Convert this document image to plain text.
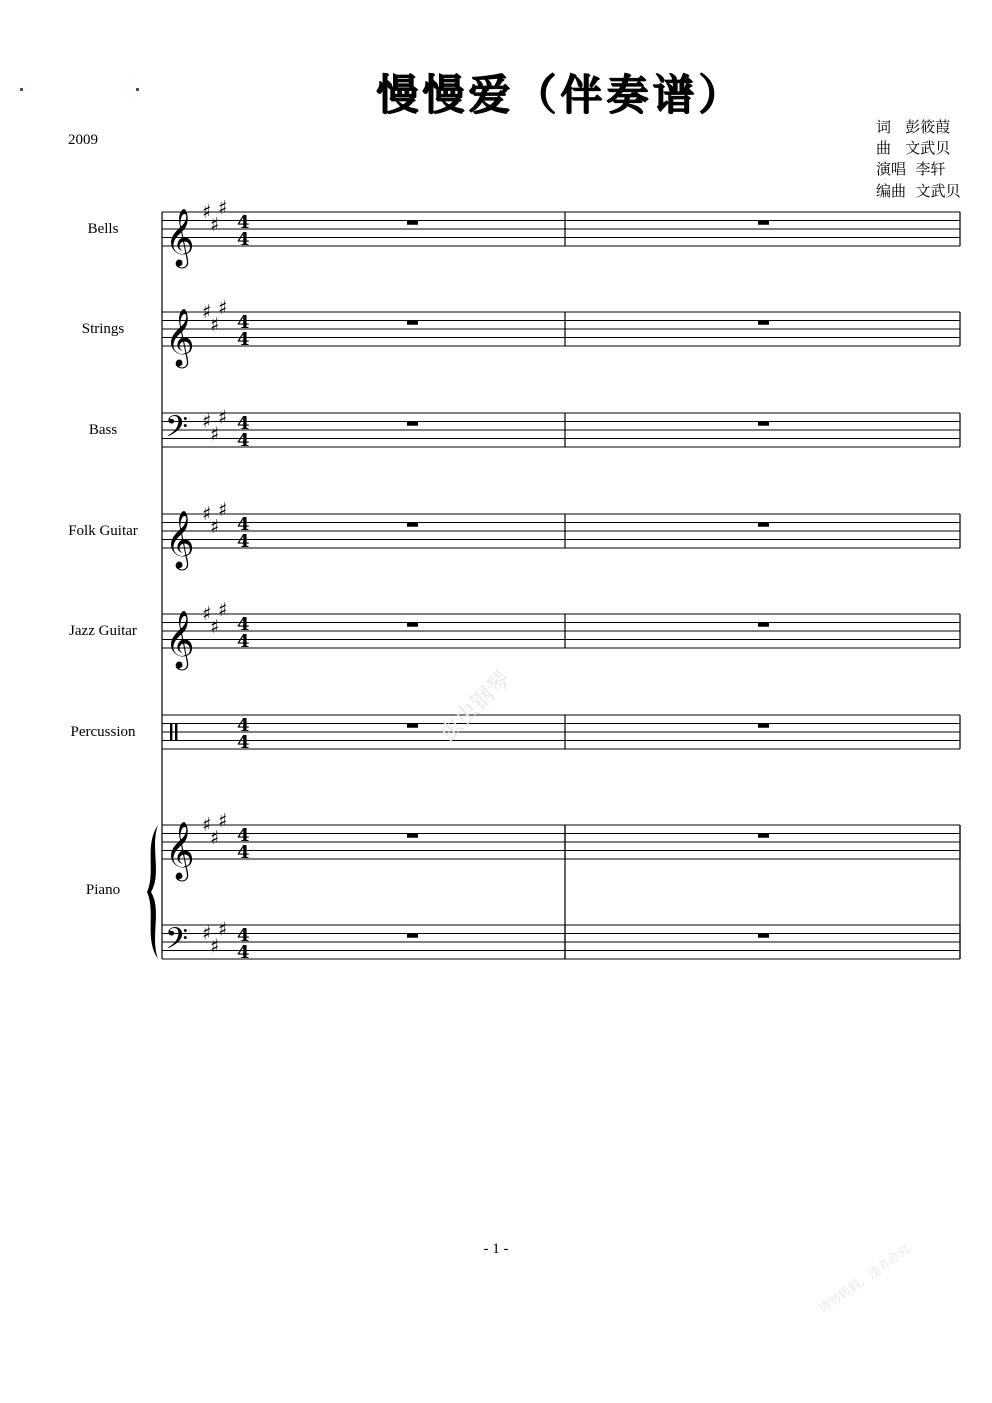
慢慢爱（伴奏谱）
2009
词   彭筱葭
曲   文武贝
演唱  李轩
编曲  文武贝
Bells
Strings
Bass
Folk Guitar
Jazz Guitar
Percussion
Piano
𝄞 ♯
♯
♯
4
4
𝄞 ♯
♯
♯
4
4
𝄢 ♯
♯
♯ 4
4
𝄞 ♯
♯
♯
4
4
𝄞 ♯
♯
♯
4
4
4
4
𝄞 ♯
♯
♯
4
4
𝄢 ♯
♯
♯ 4
4
虫虫钢琴
请勿转载，违者必究
- 1 -
